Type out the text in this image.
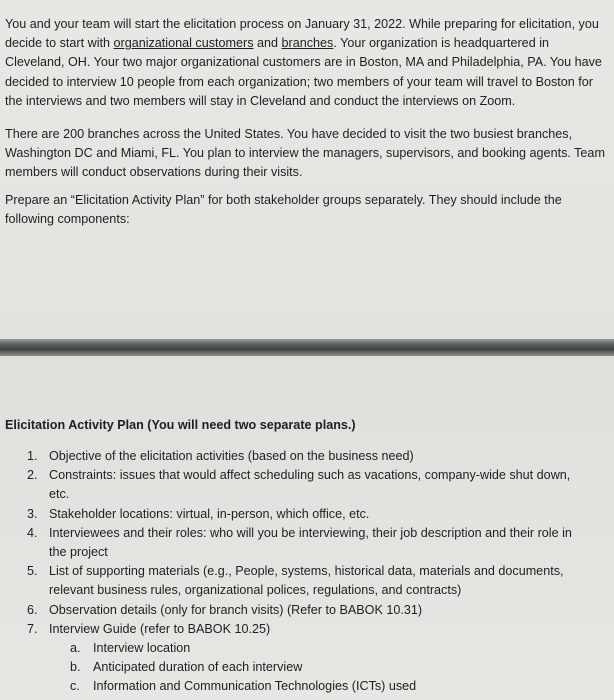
You and your team will start the elicitation process on January 31, 2022. While preparing for elicitation, you decide to start with organizational customers and branches. Your organization is headquartered in Cleveland, OH. Your two major organizational customers are in Boston, MA and Philadelphia, PA. You have decided to interview 10 people from each organization; two members of your team will travel to Boston for the interviews and two members will stay in Cleveland and conduct the interviews on Zoom.

There are 200 branches across the United States. You have decided to visit the two busiest branches, Washington DC and Miami, FL. You plan to interview the managers, supervisors, and booking agents. Team members will conduct observations during their visits.

Prepare an “Elicitation Activity Plan” for both stakeholder groups separately. They should include the following components:

Elicitation Activity Plan (You will need two separate plans.)
1. Objective of the elicitation activities (based on the business need)
2. Constraints: issues that would affect scheduling such as vacations, company-wide shut down, etc.
3. Stakeholder locations: virtual, in-person, which office, etc.
4. Interviewees and their roles: who will you be interviewing, their job description and their role in the project
5. List of supporting materials (e.g., People, systems, historical data, materials and documents, relevant business rules, organizational polices, regulations, and contracts)
6. Observation details (only for branch visits) (Refer to BABOK 10.31)
7. Interview Guide (refer to BABOK 10.25)
a. Interview location
b. Anticipated duration of each interview
c. Information and Communication Technologies (ICTs) used
